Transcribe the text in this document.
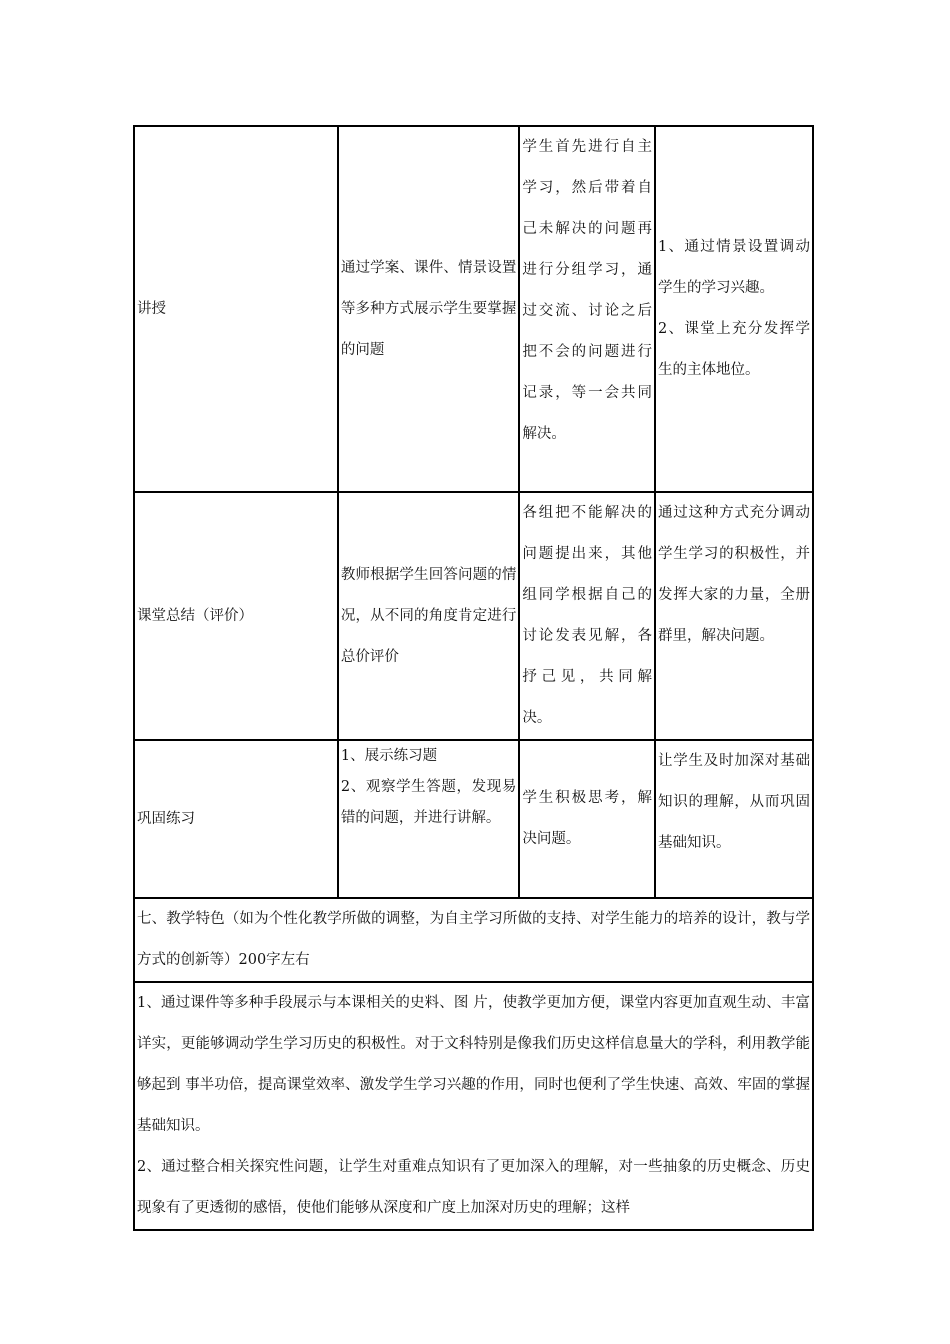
讲授	通过学案、课件、情景设置等多种方式展示学生要掌握的问题	学生首先进行自主学习，然后带着自己未解决的问题再进行分组学习，通过交流、讨论之后把不会的问题进行记录，等一会共同解决。	1、通过情景设置调动学生的学习兴趣。
2、课堂上充分发挥学生的主体地位。

课堂总结（评价）	教师根据学生回答问题的情况，从不同的角度肯定进行总价评价	各组把不能解决的问题提出来，其他组同学根据自己的讨论发表见解，各抒己见，共同解决。	通过这种方式充分调动学生学习的积极性，并发挥大家的力量，全册群里，解决问题。

巩固练习	1、展示练习题
2、观察学生答题，发现易错的问题，并进行讲解。	学生积极思考，解决问题。	让学生及时加深对基础知识的理解，从而巩固基础知识。

七、教学特色（如为个性化教学所做的调整，为自主学习所做的支持、对学生能力的培养的设计，教与学方式的创新等）200字左右			

1、通过课件等多种手段展示与本课相关的史料、图 片，使教学更加方便，课堂内容更加直观生动、丰富详实，更能够调动学生学习历史的积极性。对于文科特别是像我们历史这样信息量大的学科，利用教学能够起到 事半功倍，提高课堂效率、激发学生学习兴趣的作用，同时也便利了学生快速、高效、牢固的掌握基础知识。
2、通过整合相关探究性问题，让学生对重难点知识有了更加深入的理解，对一些抽象的历史概念、历史现象有了更透彻的感悟，使他们能够从深度和广度上加深对历史的理解；这样			
